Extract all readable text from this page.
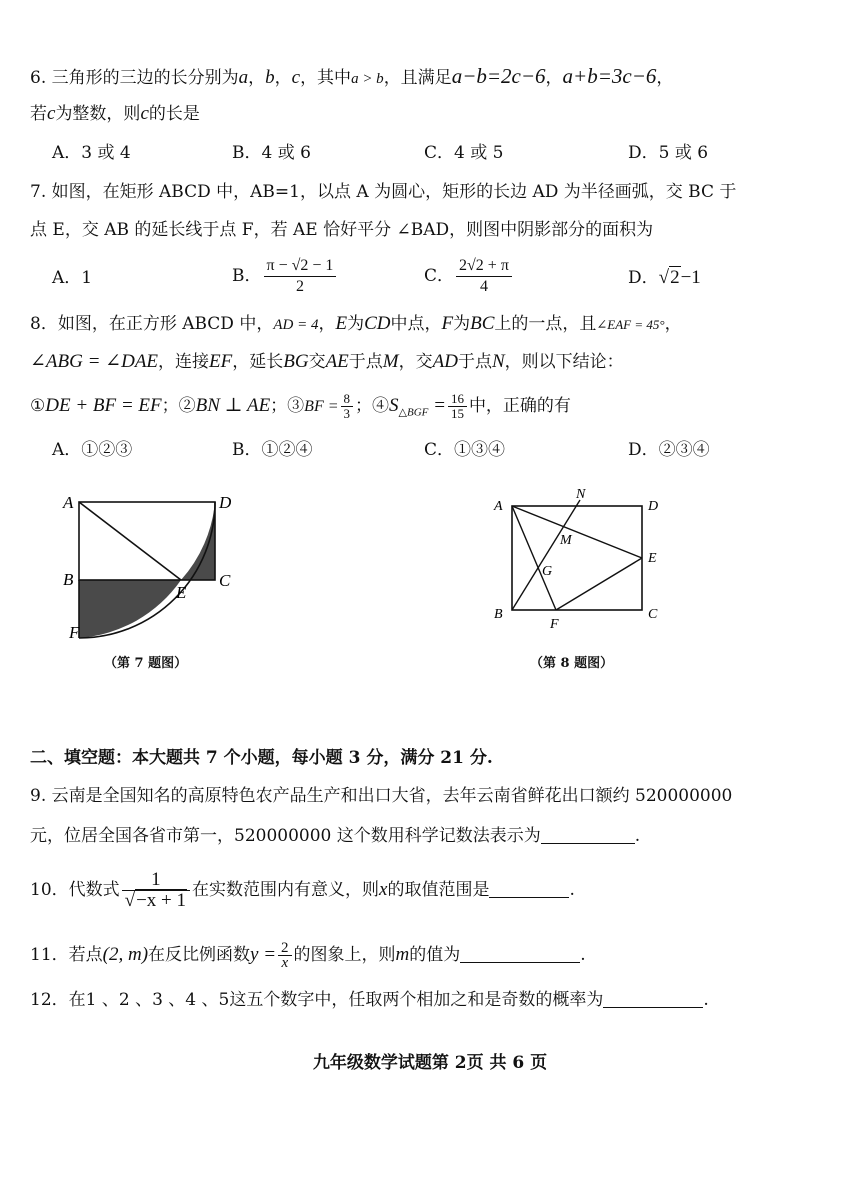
6. 三角形的三边的长分别为a，b，c，其中a > b，且满足a−b=2c−6，a+b=3c−6，
若c为整数，则c的长是
A．3 或 4	B．4 或 6	C．4 或 5	D．5 或 6
7. 如图，在矩形 ABCD 中，AB=1，以点 A 为圆心，矩形的长边 AD 为半径画弧，交 BC 于
点 E，交 AB 的延长线于点 F，若 AE 恰好平分 ∠BAD，则图中阴影部分的面积为
A．1	B． $\frac{\pi - √2 - 1}{2}$	C． $\frac{2√2 + \pi}{4}$	D．√2−1
8．如图，在正方形 ABCD 中，AD = 4，E为CD中点，F为BC上的一点，且∠EAF = 45°，
∠ABG = ∠DAE，连接EF，延长BG交AE于点M，交AD于点N，则以下结论：
①DE + BF = EF；②BN ⊥ AE；③BF = $\frac{8}{3}$ ；$④S_{\triangle BGF} = \frac{16}{15}$ 中，正确的有
A．①②③	B．①②④	C．①③④	D．②③④
A	D
B	C
E
F
（第 7 题图）
A
N
D
M
E
G
B
F
C
（第 8 题图）
二、填空题：本大题共 7 个小题，每小题 3 分，满分 21 分.
9. 云南是全国知名的高原特色农产品生产和出口大省，去年云南省鲜花出口额约 520000000
元，位居全国各省市第一，520000000 这个数用科学记数法表示为	.
10．代数式 $\frac{1}{√-x + 1}$ 在实数范围内有意义，则x的取值范围是	.
11．若点(2, m)在反比例函数$y = \frac{2}{x}$ 的图象上，则m的值为	.
12．在1 、2 、3 、4 、5这五个数字中，任取两个相加之和是奇数的概率为	.
九年级数学试题第 2页 共 6 页
